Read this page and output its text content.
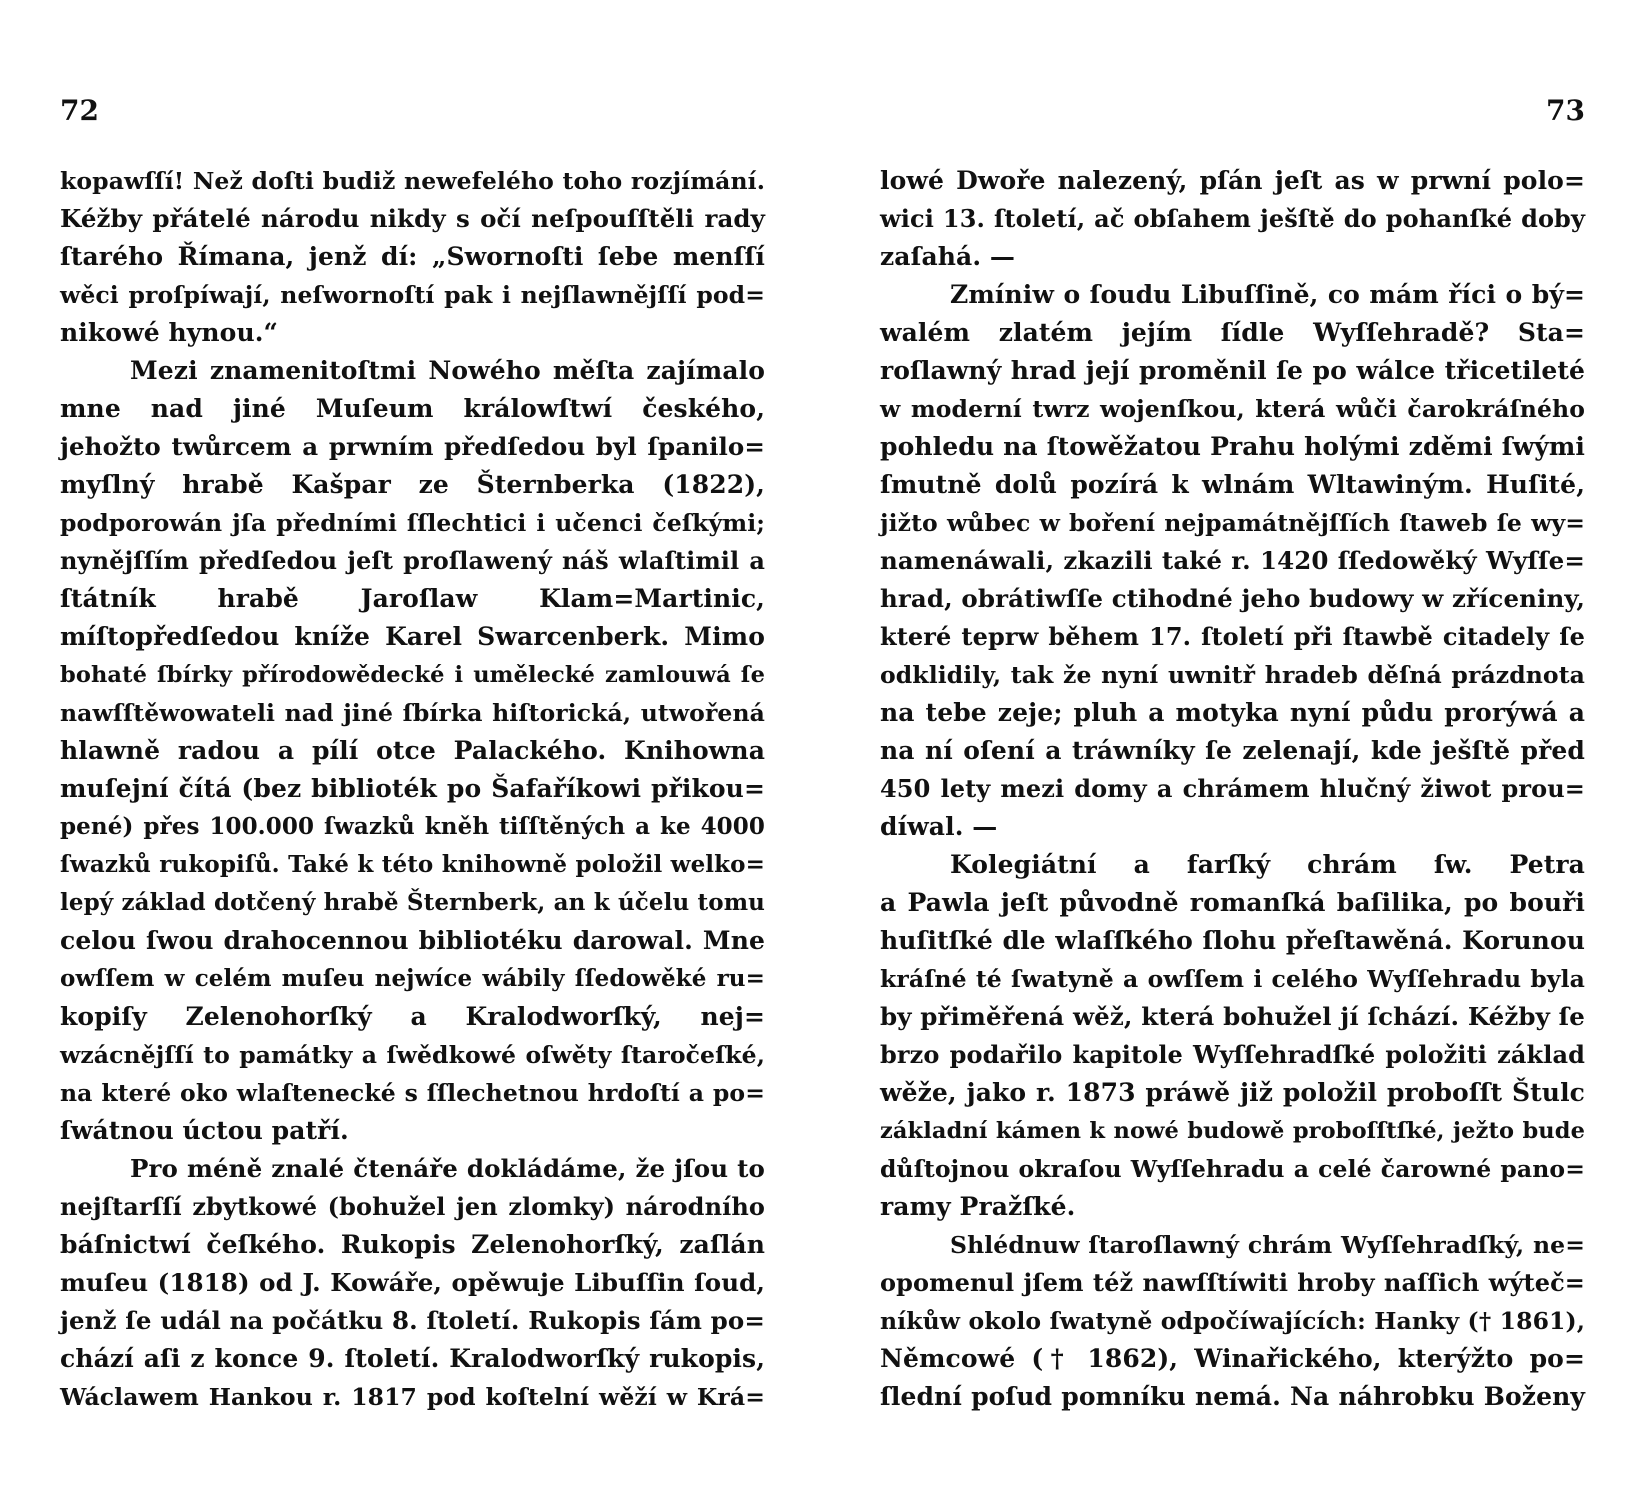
72
kopawſſí! Než doſti budiž newefelého toho rozjímání.
Kéžby přátelé národu nikdy s očí neſpouſſtěli rady
ſtarého Římana, jenž dí: „Swornoſti ſebe menſſí
wěci proſpíwají, neſwornoſtí pak i nejſlawnějſſí pod=
nikowé hynou.“
Mezi znamenitoſtmi Nowého měſta zajímalo
mne nad jiné Muſeum králowſtwí českého,
jehožto twůrcem a prwním předſedou byl ſpanilo=
myſlný hrabě Kašpar ze Šternberka (1822),
podporowán jſa předními ſſlechtici i učenci čeſkými;
nynějſſím předſedou jeſt proſlawený náš wlaſtimil a
ſtátník hrabě Jaroſlaw Klam=Martinic,
míſtopředſedou kníže Karel Swarcenberk. Mimo
bohaté ſbírky přírodowědecké i umělecké zamlouwá ſe
nawſſtěwowateli nad jiné ſbírka hiſtorická, utwořená
hlawně radou a pílí otce Palackého. Knihowna
muſejní čítá (bez biblioték po Šafaříkowi přikou=
pené) přes 100.000 ſwazků kněh tiſſtěných a ke 4000
ſwazků rukopiſů. Také k této knihowně položil welko=
lepý základ dotčený hrabě Šternberk, an k účelu tomu
celou ſwou drahocennou bibliotéku darowal. Mne
owſſem w celém muſeu nejwíce wábily ſſedowěké ru=
kopiſy Zelenohorſký a Kralodworſký, nej=
wzácnějſſí to památky a ſwědkowé oſwěty ſtaročeſké,
na které oko wlaſtenecké s ſſlechetnou hrdoſtí a po=
ſwátnou úctou patří.
Pro méně znalé čtenáře dokládáme, že jſou to
nejſtarſſí zbytkowé (bohužel jen zlomky) národního
báſnictwí čeſkého. Rukopis Zelenohorſký, zaſlán
muſeu (1818) od J. Kowáře, opěwuje Libuſſin ſoud,
jenž ſe udál na počátku 8. ſtoletí. Rukopis ſám po=
chází aſi z konce 9. ſtoletí. Kralodworſký rukopis,
Wáclawem Hankou r. 1817 pod koſtelní wěží w Krá=
73
lowé Dwoře nalezený, pſán jeſt as w prwní polo=
wici 13. ſtoletí, ač obſahem ješſtě do pohanſké doby
zaſahá. —
Zmíniw o ſoudu Libuſſině, co mám říci o bý=
walém zlatém jejím ſídle Wyſſehradě? Sta=
roſlawný hrad její proměnil ſe po wálce třicetileté
w moderní twrz wojenſkou, která wůči čarokráſného
pohledu na ſtowěžatou Prahu holými zděmi ſwými
ſmutně dolů pozírá k wlnám Wltawiným. Huſité,
jižto wůbec w boření nejpamátnějſſích ſtaweb ſe wy=
namenáwali, zkazili také r. 1420 ſſedowěký Wyſſe=
hrad, obrátiwſſe ctihodné jeho budowy w zříceniny,
které teprw během 17. ſtoletí při ſtawbě citadely ſe
odklidily, tak že nyní uwnitř hradeb děſná prázdnota
na tebe zeje; pluh a motyka nyní půdu prorýwá a
na ní oſení a tráwníky ſe zelenají, kde ješſtě před
450 lety mezi domy a chrámem hlučný žiwot prou=
díwal. —
Kolegiátní a farſký chrám ſw. Petra
a Pawla jeſt původně romanſká baſilika, po bouři
huſitſké dle wlaſſkého ſlohu přeſtawěná. Korunou
kráſné té ſwatyně a owſſem i celého Wyſſehradu byla
by přiměřená wěž, která bohužel jí ſchází. Kéžby ſe
brzo podařilo kapitole Wyſſehradſké položiti základ
wěže, jako r. 1873 práwě již položil proboſſt Štulc
základní kámen k nowé budowě proboſſtſké, ježto bude
důſtojnou okraſou Wyſſehradu a celé čarowné pano=
ramy Pražſké.
Shlédnuw ſtaroſlawný chrám Wyſſehradſký, ne=
opomenul jſem též nawſſtíwiti hroby naſſich wýteč=
níkůw okolo ſwatyně odpočíwajících: Hanky († 1861),
Němcowé († 1862), Winařického, kterýžto po=
ſlední poſud pomníku nemá. Na náhrobku Boženy
